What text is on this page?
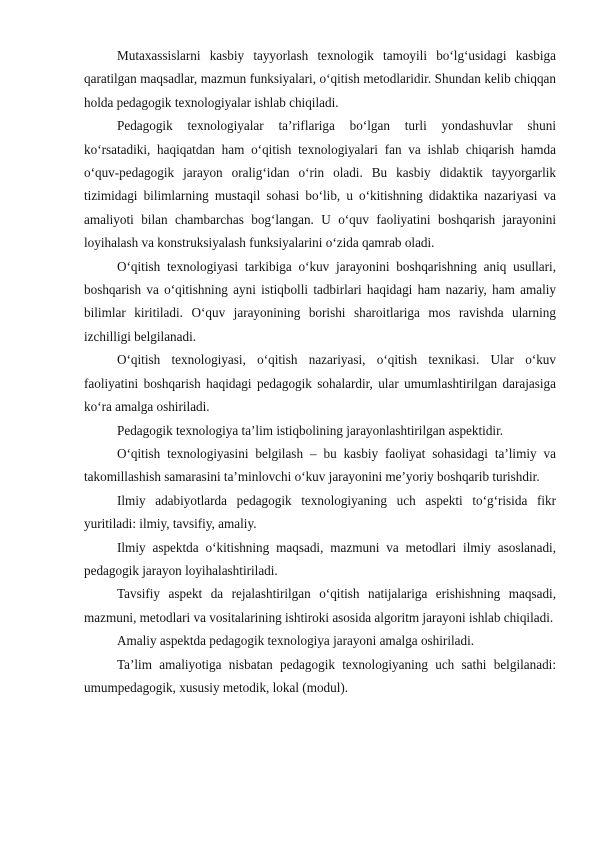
Mutaxassislarni kasbiy tayyorlash texnologik tamoyili bo‘lg‘usidagi kasbiga qaratilgan maqsadlar, mazmun funksiyalari, o‘qitish metodlaridir. Shundan kelib chiqqan holda pedagogik texnologiyalar ishlab chiqiladi.

Pedagogik texnologiyalar ta’riflariga bo‘lgan turli yondashuvlar shuni ko‘rsatadiki, haqiqatdan ham o‘qitish texnologiyalari fan va ishlab chiqarish hamda o‘quv-pedagogik jarayon oralig‘idan o‘rin oladi. Bu kasbiy didaktik tayyorgarlik tizimidagi bilimlarning mustaqil sohasi bo‘lib, u o‘kitishning didaktika nazariyasi va amaliyoti bilan chambarchas bog‘langan. U o‘quv faoliyatini boshqarish jarayonini loyihalash va konstruksiyalash funksiyalarini o‘zida qamrab oladi.

O‘qitish texnologiyasi tarkibiga o‘kuv jarayonini boshqarishning aniq usullari, boshqarish va o‘qitishning ayni istiqbolli tadbirlari haqidagi ham nazariy, ham amaliy bilimlar kiritiladi. O‘quv jarayonining borishi sharoitlariga mos ravishda ularning izchilligi belgilanadi.

O‘qitish texnologiyasi, o‘qitish nazariyasi, o‘qitish texnikasi. Ular o‘kuv faoliyatini boshqarish haqidagi pedagogik sohalardir, ular umumlashtirilgan darajasiga ko‘ra amalga oshiriladi.

Pedagogik texnologiya ta’lim istiqbolining jarayonlashtirilgan aspektidir.

O‘qitish texnologiyasini belgilash – bu kasbiy faoliyat sohasidagi ta’limiy va takomillashish samarasini ta’minlovchi o‘kuv jarayonini me’yoriy boshqarib turishdir.

Ilmiy adabiyotlarda pedagogik texnologiyaning uch aspekti to‘g‘risida fikr yuritiladi: ilmiy, tavsifiy, amaliy.

Ilmiy aspektda o‘kitishning maqsadi, mazmuni va metodlari ilmiy asoslanadi, pedagogik jarayon loyihalashtiriladi.

Tavsifiy aspekt da rejalashtirilgan o‘qitish natijalariga erishishning maqsadi, mazmuni, metodlari va vositalarining ishtiroki asosida algoritm jarayoni ishlab chiqiladi.

Amaliy aspektda pedagogik texnologiya jarayoni amalga oshiriladi.

Ta’lim amaliyotiga nisbatan pedagogik texnologiyaning uch sathi belgilanadi: umumpedagogik, xususiy metodik, lokal (modul).
